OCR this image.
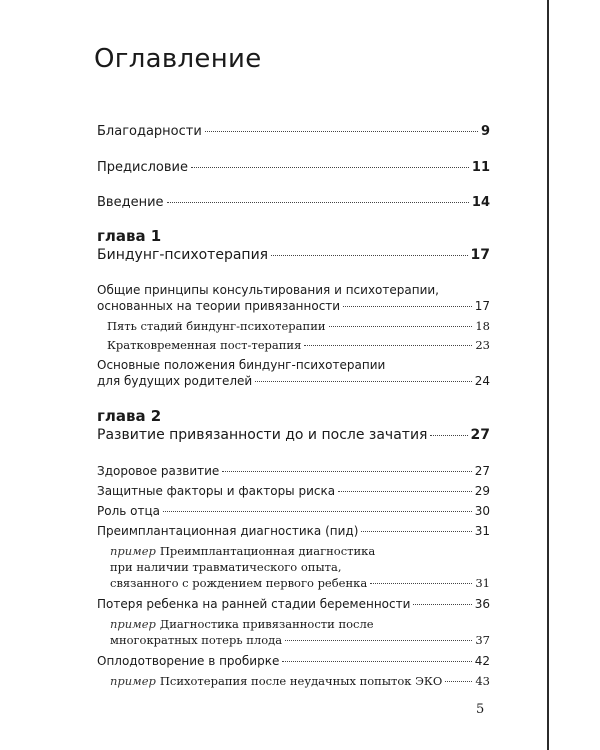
Оглавление
Благодарности	9
Предисловие	11
Введение	14
глава 1
Биндунг-психотерапия	17
Общие принципы консультирования и психотерапии,
основанных на теории привязанности	17
Пять стадий биндунг-психотерапии	18
Кратковременная пост-терапия	23
Основные положения биндунг-психотерапии
для будущих родителей	24
глава 2
Развитие привязанности до и после зачатия	27
Здоровое развитие	27
Защитные факторы и факторы риска	29
Роль отца	30
Преимплантационная диагностика (пид)	31
пример Преимплантационная диагностика
при наличии травматического опыта,
связанного с рождением первого ребенка	31
Потеря ребенка на ранней стадии беременности	36
пример Диагностика привязанности после
многократных потерь плода	37
Оплодотворение в пробирке	42
пример Психотерапия после неудачных попыток ЭКО	43
5
